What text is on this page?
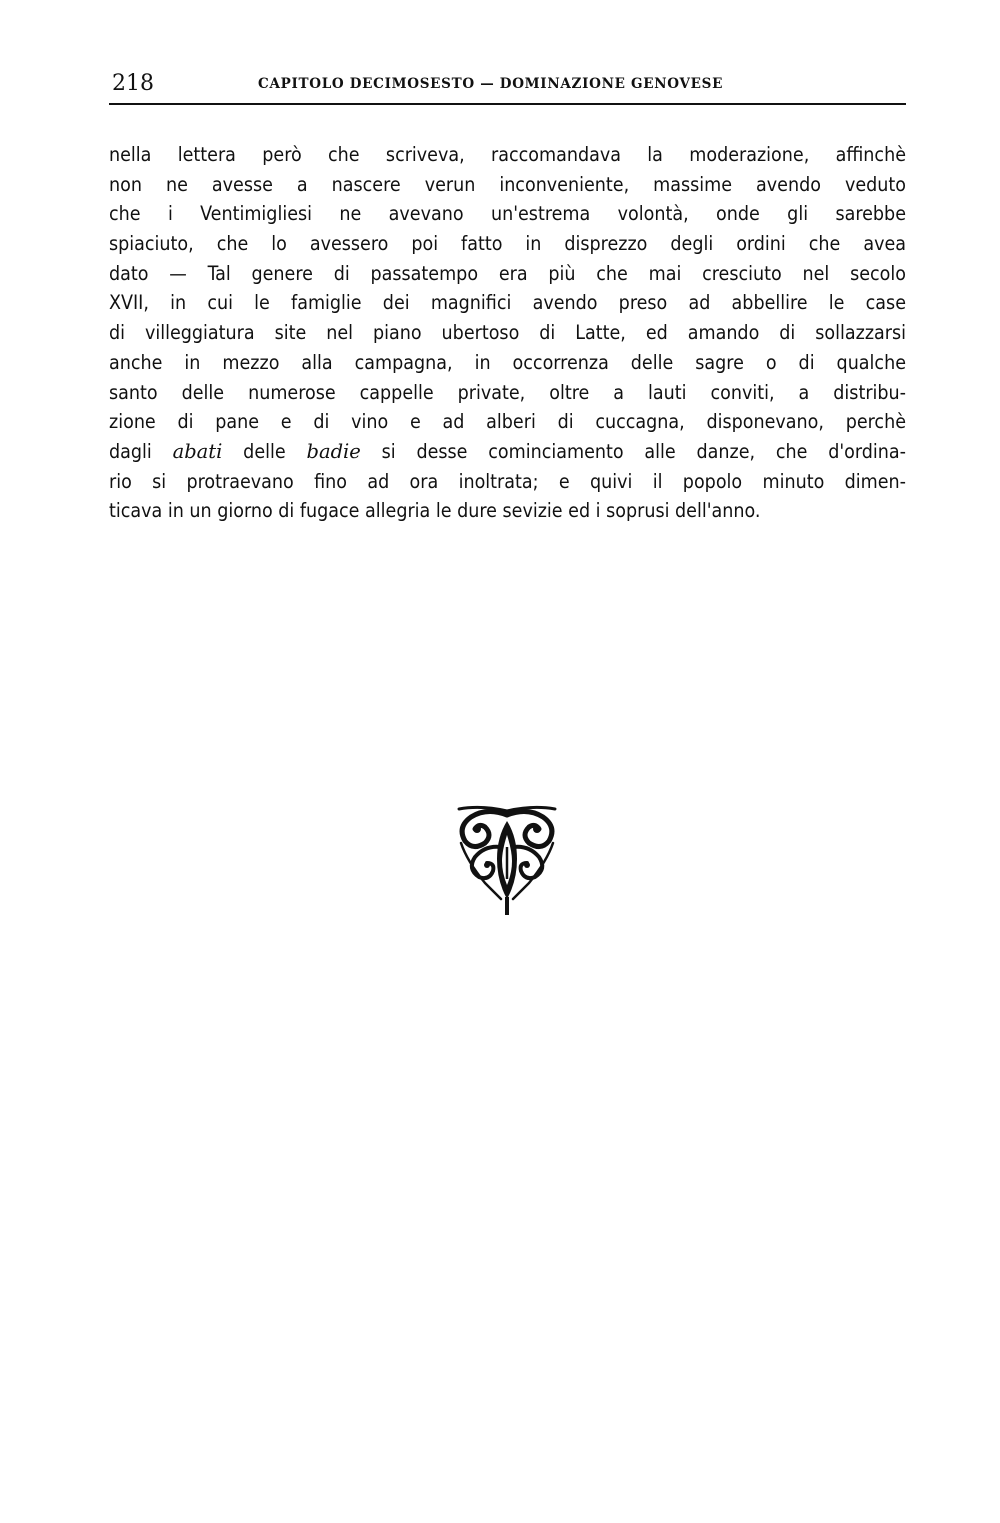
218	CAPITOLO DECIMOSESTO — DOMINAZIONE GENOVESE
nella lettera però che scriveva, raccomandava la moderazione, affinchè
non ne avesse a nascere verun inconveniente, massime avendo veduto
che i Ventimigliesi ne avevano un'estrema volontà, onde gli sarebbe
spiaciuto, che lo avessero poi fatto in disprezzo degli ordini che avea
dato — Tal genere di passatempo era più che mai cresciuto nel secolo
XVII, in cui le famiglie dei magnifici avendo preso ad abbellire le case
di villeggiatura site nel piano ubertoso di Latte, ed amando di sollazzarsi
anche in mezzo alla campagna, in occorrenza delle sagre o di qualche
santo delle numerose cappelle private, oltre a lauti conviti, a distribu-
zione di pane e di vino e ad alberi di cuccagna, disponevano, perchè
dagli abati delle badie si desse cominciamento alle danze, che d'ordina-
rio si protraevano fino ad ora inoltrata; e quivi il popolo minuto dimen-
ticava in un giorno di fugace allegria le dure sevizie ed i soprusi dell'anno.
